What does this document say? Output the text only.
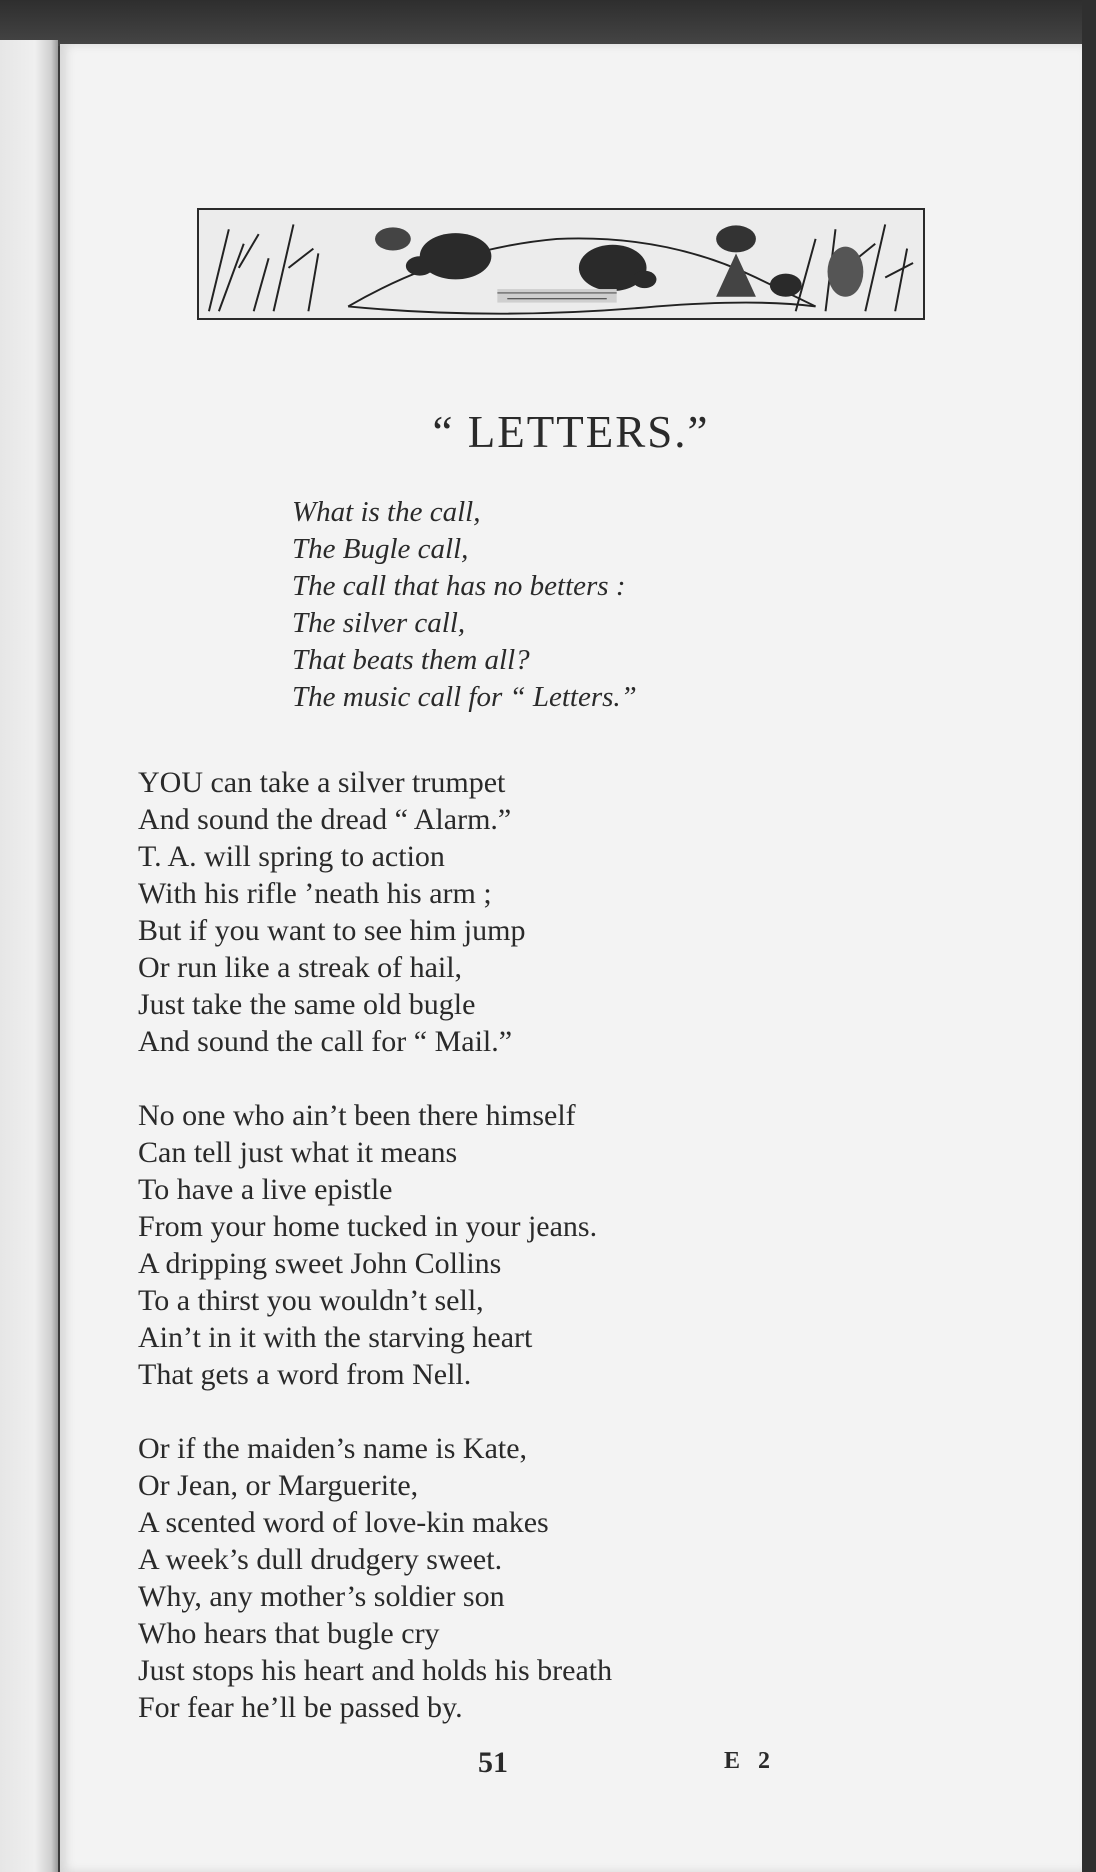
“ LETTERS.”
What is the call,
The Bugle call,
The call that has no betters :
The silver call,
That beats them all?
The music call for “ Letters.”
YOU can take a silver trumpet
And sound the dread “ Alarm.”
T. A. will spring to action
With his rifle ’neath his arm ;
But if you want to see him jump
Or run like a streak of hail,
Just take the same old bugle
And sound the call for “ Mail.”
No one who ain’t been there himself
Can tell just what it means
To have a live epistle
From your home tucked in your jeans.
A dripping sweet John Collins
To a thirst you wouldn’t sell,
Ain’t in it with the starving heart
That gets a word from Nell.
Or if the maiden’s name is Kate,
Or Jean, or Marguerite,
A scented word of love-kin makes
A week’s dull drudgery sweet.
Why, any mother’s soldier son
Who hears that bugle cry
Just stops his heart and holds his breath
For fear he’ll be passed by.
51	E 2
